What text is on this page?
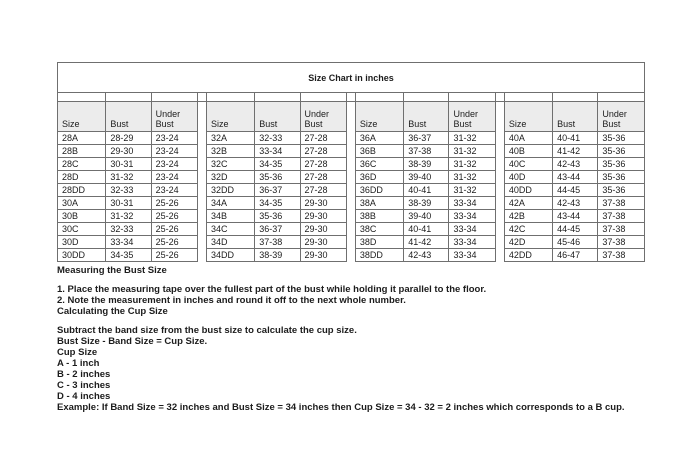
Size Chart in inches														

Size	Bust	Under Bust		Size	Bust	Under Bust		Size	Bust	Under Bust		Size	Bust	Under Bust
28A	28-29	23-24		32A	32-33	27-28		36A	36-37	31-32		40A	40-41	35-36
28B	29-30	23-24		32B	33-34	27-28		36B	37-38	31-32		40B	41-42	35-36
28C	30-31	23-24		32C	34-35	27-28		36C	38-39	31-32		40C	42-43	35-36
28D	31-32	23-24		32D	35-36	27-28		36D	39-40	31-32		40D	43-44	35-36
28DD	32-33	23-24		32DD	36-37	27-28		36DD	40-41	31-32		40DD	44-45	35-36
30A	30-31	25-26		34A	34-35	29-30		38A	38-39	33-34		42A	42-43	37-38
30B	31-32	25-26		34B	35-36	29-30		38B	39-40	33-34		42B	43-44	37-38
30C	32-33	25-26		34C	36-37	29-30		38C	40-41	33-34		42C	44-45	37-38
30D	33-34	25-26		34D	37-38	29-30		38D	41-42	33-34		42D	45-46	37-38
30DD	34-35	25-26		34DD	38-39	29-30		38DD	42-43	33-34		42DD	46-47	37-38
Measuring the Bust Size
1. Place the measuring tape over the fullest part of the bust while holding it parallel to the floor.
2. Note the measurement in inches and round it off to the next whole number.
Calculating the Cup Size
Subtract the band size from the bust size to calculate the cup size.
Bust Size - Band Size = Cup Size.
Cup Size
A - 1 inch
B - 2 inches
C - 3 inches
D - 4 inches
Example: If Band Size = 32 inches and Bust Size = 34 inches then Cup Size = 34 - 32 = 2 inches which corresponds to a B cup.
